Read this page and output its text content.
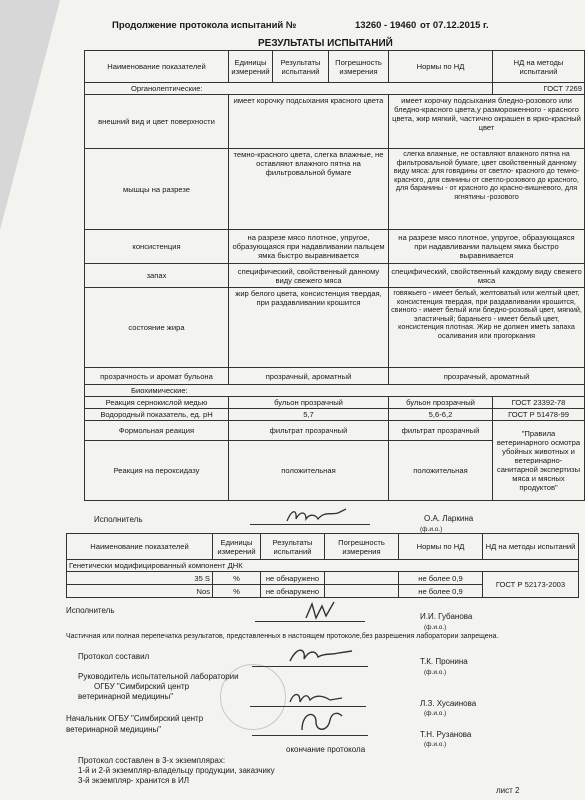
Продолжение протокола испытаний №	13260 - 19460 от 07.12.2015 г.
РЕЗУЛЬТАТЫ ИСПЫТАНИЙ
Наименование показателей	Единицы измерений	Результаты испытаний	Погрешность измерения	Нормы по НД	НД на методы испытаний
Органолептические:					ГОСТ 7269
внешний вид и цвет поверхности	имеет корочку подсыхания красного цвета			имеет корочку подсыхания бледно-розового или бледно-красного цвета,у размороженного - красного цвета, жир мягкий, частично окрашен в ярко-красный цвет	
мышцы на разрезе	темно-красного цвета, слегка влажные, не оставляют влажного пятна на фильтровальной бумаге			слегка влажные, не оставляют влажного пятна на фильтровальной бумаге, цвет свойственный данному виду мяса: для говядины от светло- красного до темно-красного, для свинины от светло-розового до красного, для баранины - от красного до красно-вишневого, для ягнятины -розового	
консистенция	на разрезе мясо плотное, упругое, образующаяся при надавливании пальцем ямка быстро выравнивается			на разрезе мясо плотное, упругое, образующаяся при надавливании пальцем ямка быстро выравнивается	
запах	специфический, свойственный данному виду свежего мяса			специфический, свойственный каждому виду свежего мяса	
состояние жира	жир белого цвета, консистенция твердая, при раздавливании крошится			говяжьего - имеет белый, желтоватый или желтый цвет, консистенция твердая, при раздавливании крошится, свиного - имеет белый или бледно-розовый цвет, мягкий, эластичный; бараньего - имеет белый цвет, консистенция плотная. Жир не должен иметь запаха осаливания или прогоркания	
прозрачность и аромат бульона	прозрачный, ароматный			прозрачный, ароматный	
Биохимические:					
Реакция сернокислой медью	бульон прозрачный			бульон прозрачный	ГОСТ 23392-78
Водородный показатель, ед. pH	5,7			5,6-6,2	ГОСТ Р 51478-99
Формольная реакция	фильтрат прозрачный			фильтрат прозрачный	"Правила ветеринарного осмотра убойных животных и ветеринарно-санитарной экспертизы мяса и мясных продуктов"
Реакция на пероксидазу	положительная			положительная	
Исполнитель	О.А. Ларкина
(ф.и.о.)
Наименование показателей	Единицы измерений	Результаты испытаний	Погрешность измерения	Нормы по НД	НД на методы испытаний
Генетически модифицированный компонент ДНК					
35 S	%	не обнаружено		не более 0,9	ГОСТ Р 52173-2003
Nos	%	не обнаружено		не более 0,9	
Исполнитель
И.И. Губанова
(ф.и.о.)
Частичная или полная перепечатка результатов, представленных в настоящем протоколе,без разрешения лаборатории запрещена.
Протокол составил
Т.К. Пронина
(ф.и.о.)
Руководитель испытательной лаборатории
ОГБУ "Симбирский центр
ветеринарной медицины"
Л.З. Хусаинова
(ф.и.о.)
Начальник ОГБУ "Симбирский центр
ветеринарной медицины"
Т.Н. Рузанова
(ф.и.о.)
окончание протокола
Протокол составлен в 3-х экземплярах:
1-й и 2-й экземпляр-владельцу продукции, заказчику
3-й экземпляр- хранится в ИЛ
лист 2
